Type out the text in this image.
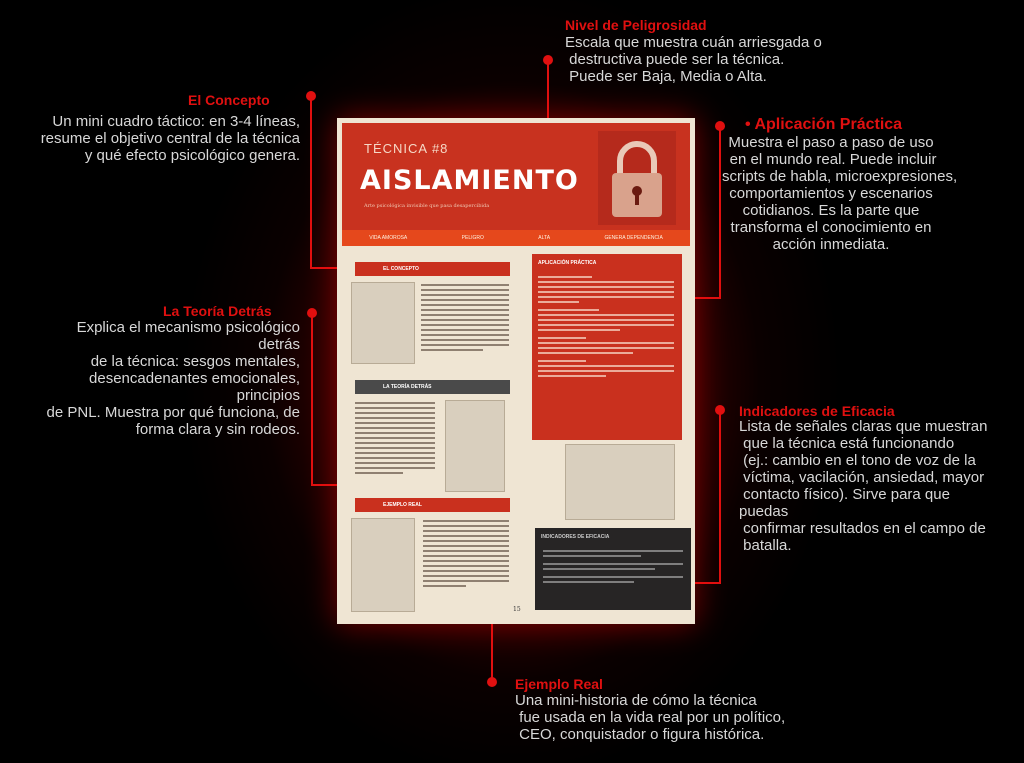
TÉCNICA #8
AISLAMIENTO
Arte psicológica invisible que pasa desapercibida
VIDA AMOROSA	PELIGRO	ALTA	GENERA DEPENDENCIA
EL CONCEPTO
LA TEORÍA DETRÁS
EJEMPLO REAL
APLICACIÓN PRÁCTICA
INDICADORES DE EFICACIA
15
Nivel de Peligrosidad
Escala que muestra cuán arriesgada o
destructiva puede ser la técnica.
Puede ser Baja, Media o Alta.
El Concepto
Un mini cuadro táctico: en 3-4 líneas,
resume el objetivo central de la técnica
y qué efecto psicológico genera.
• Aplicación Práctica
Muestra el paso a paso de uso
en el mundo real. Puede incluir
scripts de habla, microexpresiones,
comportamientos y escenarios
cotidianos. Es la parte que
transforma el conocimiento en
acción inmediata.
La Teoría Detrás
Explica el mecanismo psicológico
detrás
de la técnica: sesgos mentales,
desencadenantes emocionales,
principios
de PNL. Muestra por qué funciona, de
forma clara y sin rodeos.
Indicadores de Eficacia
Lista de señales claras que muestran
que la técnica está funcionando
(ej.: cambio en el tono de voz de la
víctima, vacilación, ansiedad, mayor
contacto físico). Sirve para que
puedas
confirmar resultados en el campo de
batalla.
Ejemplo Real
Una mini-historia de cómo la técnica
fue usada en la vida real por un político,
CEO, conquistador o figura histórica.
